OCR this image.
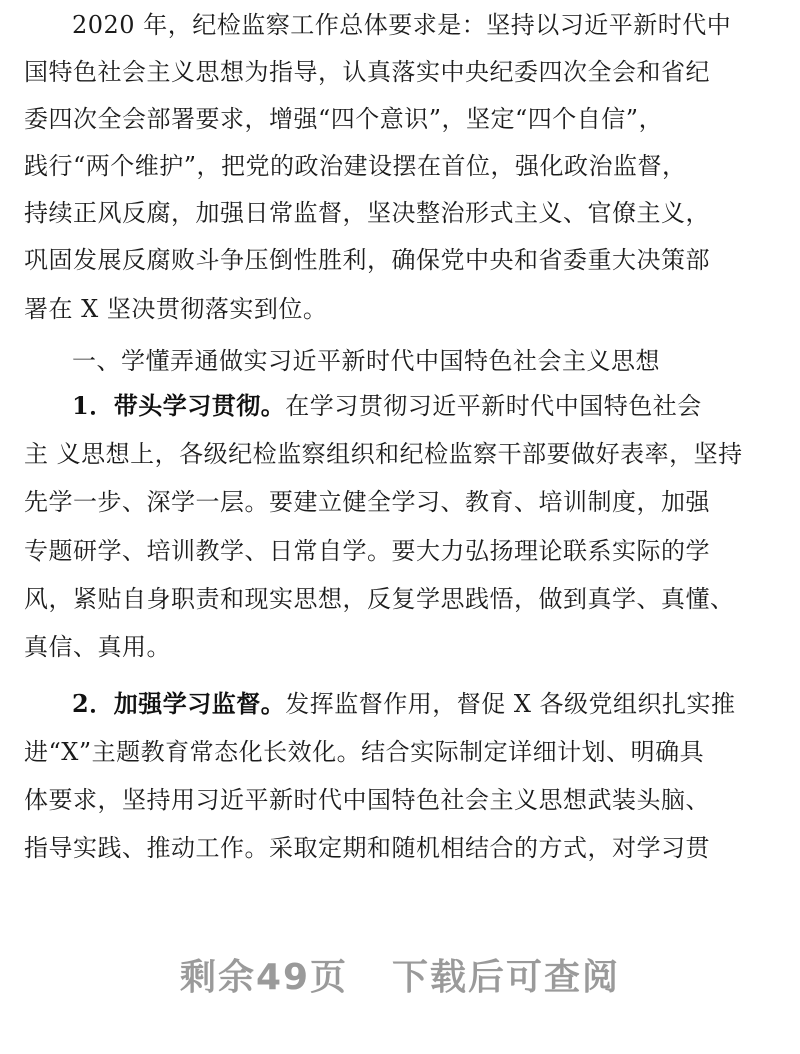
2020 年，纪检监察工作总体要求是：坚持以习近平新时代中
国特色社会主义思想为指导，认真落实中央纪委四次全会和省纪
委四次全会部署要求，增强“四个意识”，坚定“四个自信”，
践行“两个维护”，把党的政治建设摆在首位，强化政治监督，
持续正风反腐，加强日常监督，坚决整治形式主义、官僚主义，
巩固发展反腐败斗争压倒性胜利，确保党中央和省委重大决策部
署在 X 坚决贯彻落实到位。
一、学懂弄通做实习近平新时代中国特色社会主义思想
1．带头学习贯彻。在学习贯彻习近平新时代中国特色社会
主 义思想上，各级纪检监察组织和纪检监察干部要做好表率，坚持
先学一步、深学一层。要建立健全学习、教育、培训制度，加强
专题研学、培训教学、日常自学。要大力弘扬理论联系实际的学
风，紧贴自身职责和现实思想，反复学思践悟，做到真学、真懂、
真信、真用。
2．加强学习监督。发挥监督作用，督促 X 各级党组织扎实推
进“X”主题教育常态化长效化。结合实际制定详细计划、明确具
体要求，坚持用习近平新时代中国特色社会主义思想武装头脑、
指导实践、推动工作。采取定期和随机相结合的方式，对学习贯
剩余49页 下载后可查阅
